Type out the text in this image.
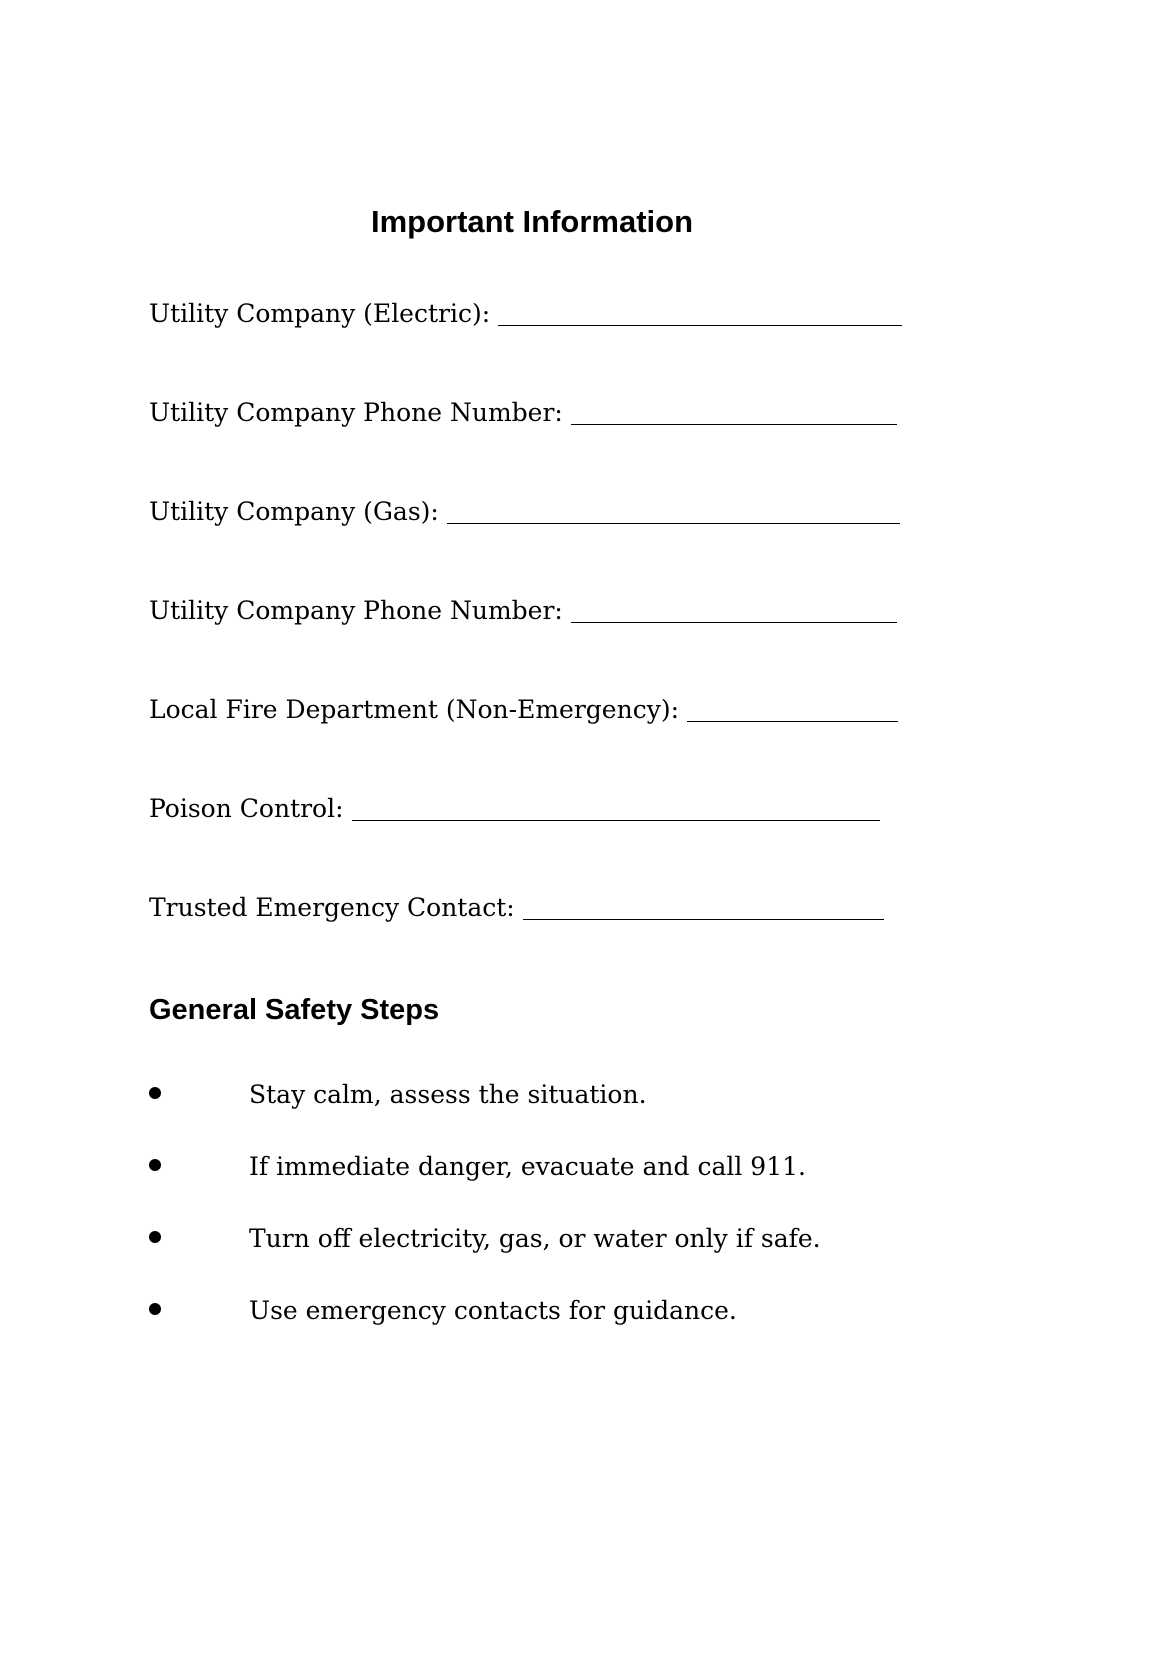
Important Information
Utility Company (Electric):
Utility Company Phone Number:
Utility Company (Gas):
Utility Company Phone Number:
Local Fire Department (Non-Emergency):
Poison Control:
Trusted Emergency Contact:
General Safety Steps
Stay calm, assess the situation.
If immediate danger, evacuate and call 911.
Turn off electricity, gas, or water only if safe.
Use emergency contacts for guidance.
